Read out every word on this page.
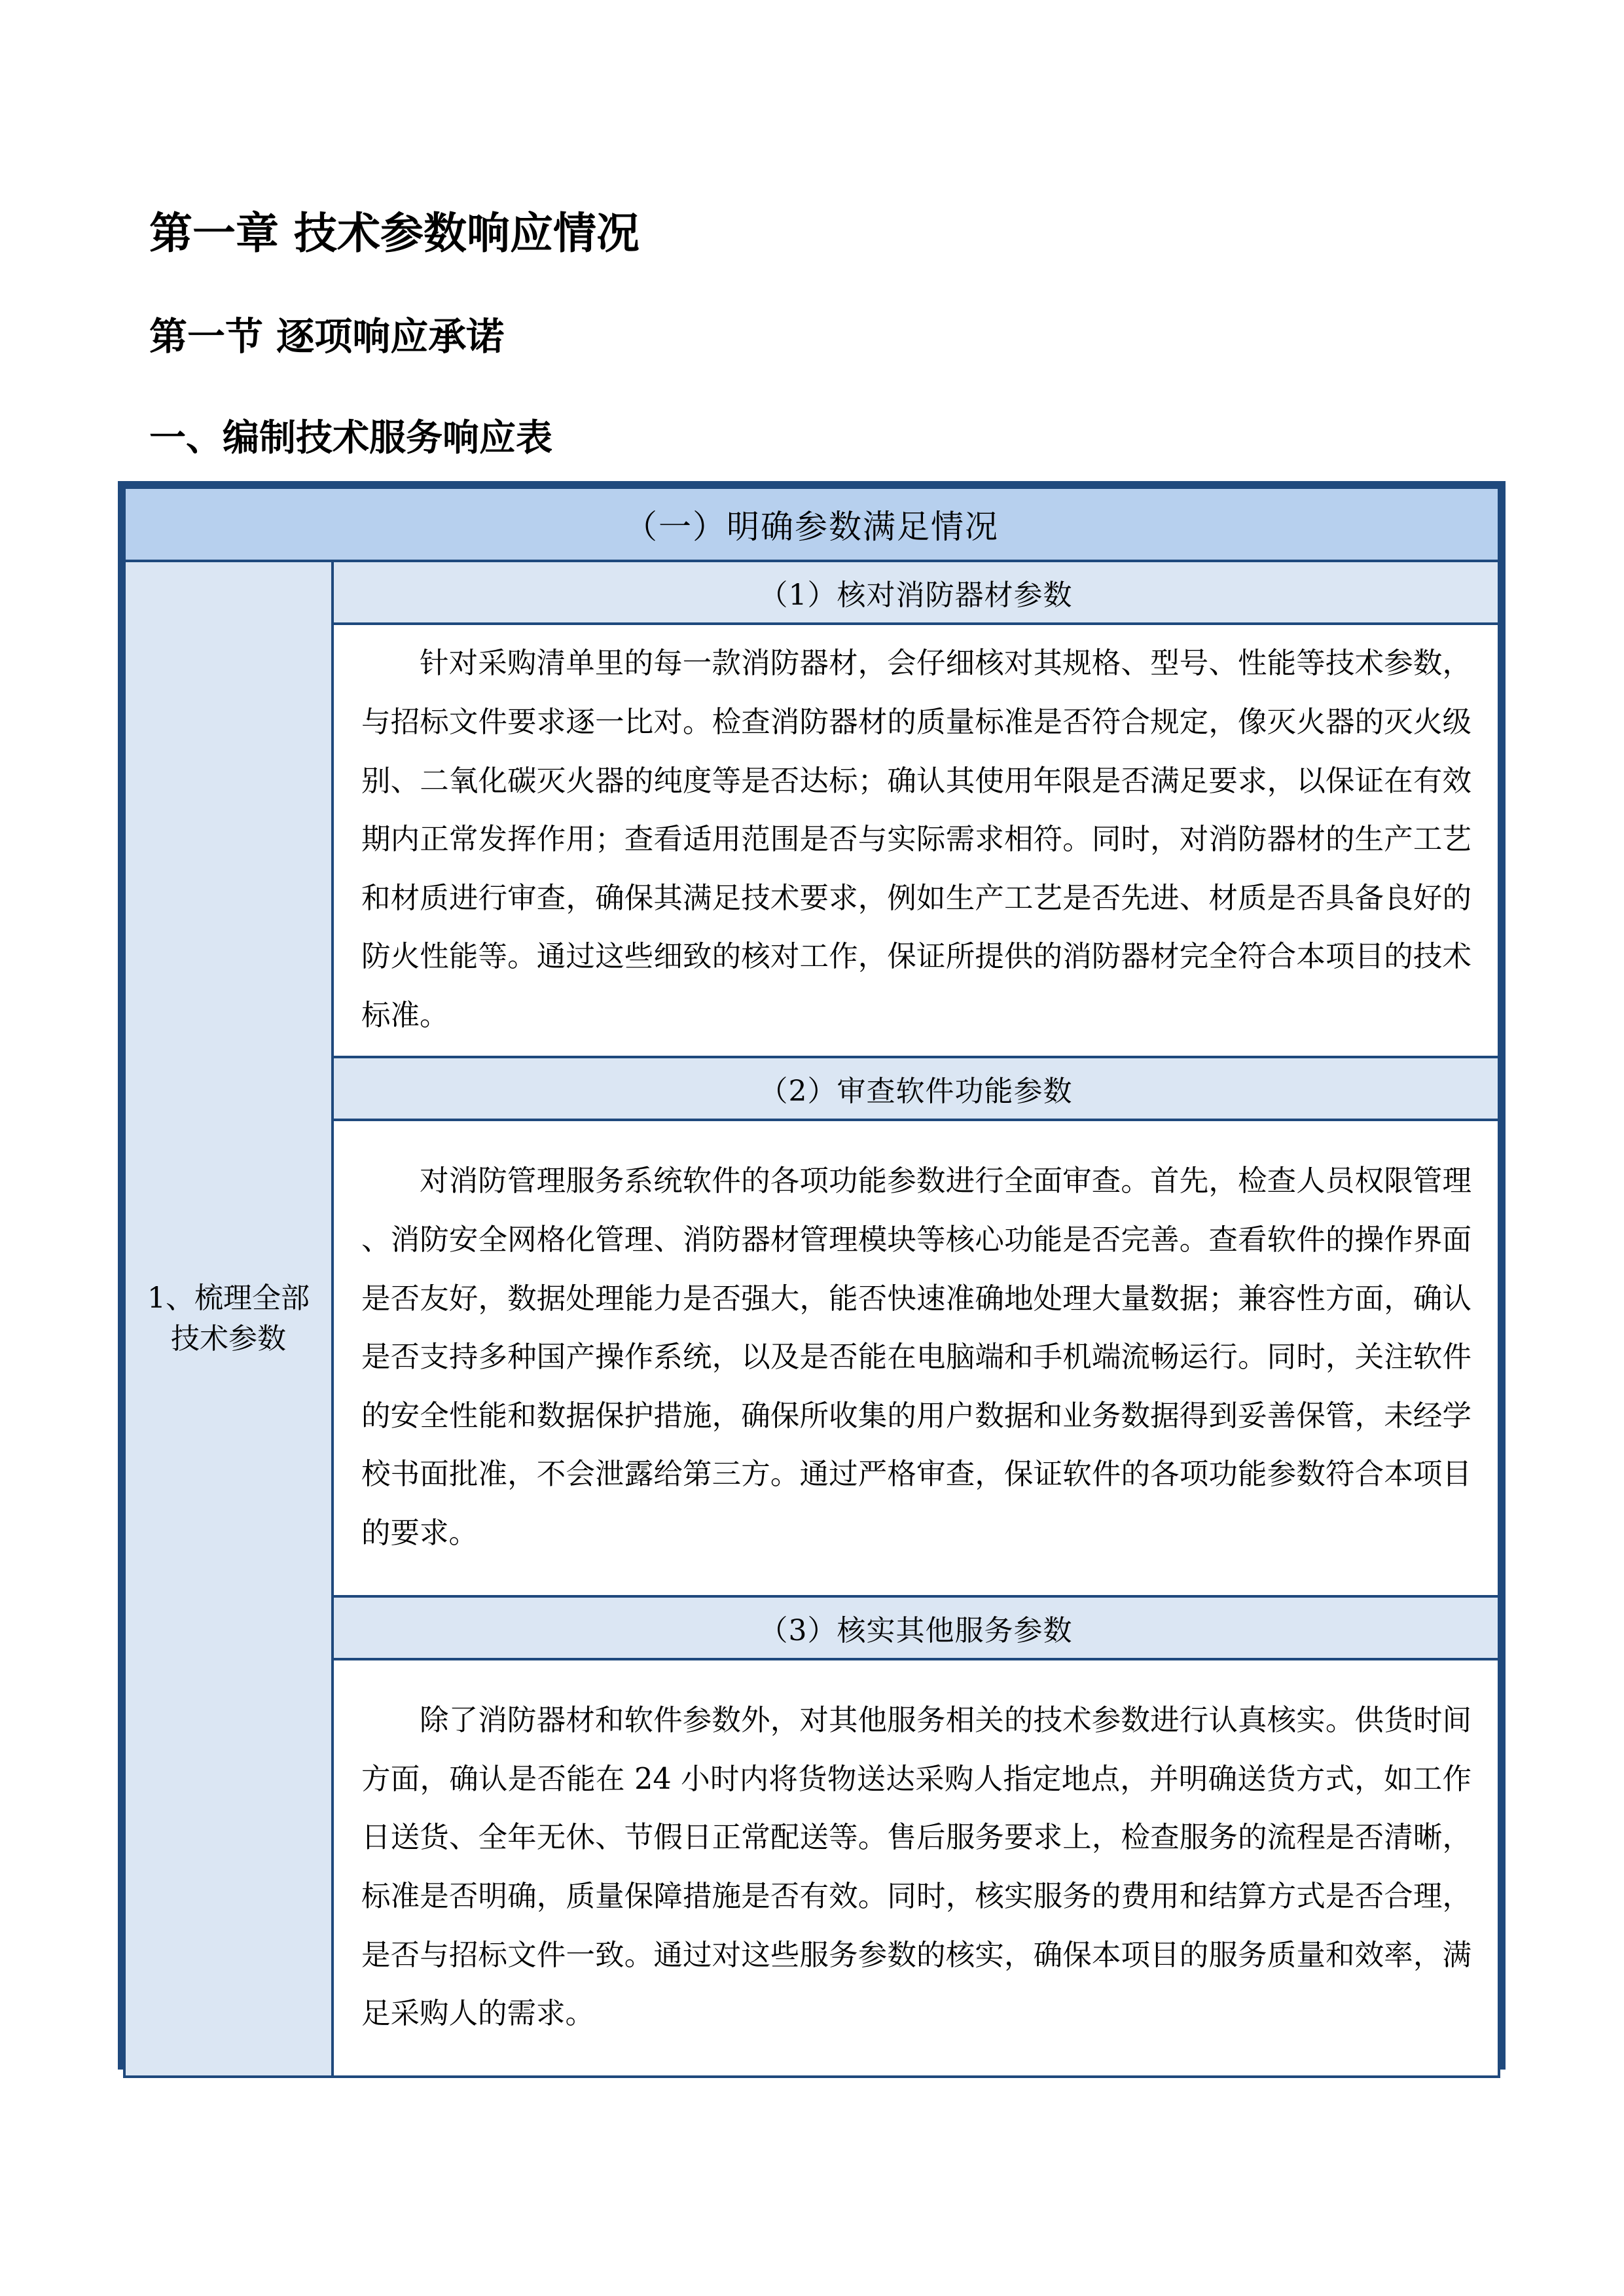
第一章 技术参数响应情况
第一节 逐项响应承诺
一、编制技术服务响应表
（一）明确参数满足情况
1、梳理全部技术参数	（1）核对消防器材参数

针对采购清单里的每一款消防器材，会仔细核对其规格、型号、性能等技术参数，与招标文件要求逐一比对。检查消防器材的质量标准是否符合规定，像灭火器的灭火级别、二氧化碳灭火器的纯度等是否达标；确认其使用年限是否满足要求，以保证在有效期内正常发挥作用；查看适用范围是否与实际需求相符。同时，对消防器材的生产工艺和材质进行审查，确保其满足技术要求，例如生产工艺是否先进、材质是否具备良好的防火性能等。通过这些细致的核对工作，保证所提供的消防器材完全符合本项目的技术标准。

（2）审查软件功能参数

对消防管理服务系统软件的各项功能参数进行全面审查。首先，检查人员权限管理、消防安全网格化管理、消防器材管理模块等核心功能是否完善。查看软件的操作界面是否友好，数据处理能力是否强大，能否快速准确地处理大量数据；兼容性方面，确认是否支持多种国产操作系统，以及是否能在电脑端和手机端流畅运行。同时，关注软件的安全性能和数据保护措施，确保所收集的用户数据和业务数据得到妥善保管，未经学校书面批准，不会泄露给第三方。通过严格审查，保证软件的各项功能参数符合本项目的要求。

（3）核实其他服务参数

除了消防器材和软件参数外，对其他服务相关的技术参数进行认真核实。供货时间方面，确认是否能在 24 小时内将货物送达采购人指定地点，并明确送货方式，如工作日送货、全年无休、节假日正常配送等。售后服务要求上，检查服务的流程是否清晰，标准是否明确，质量保障措施是否有效。同时，核实服务的费用和结算方式是否合理，是否与招标文件一致。通过对这些服务参数的核实，确保本项目的服务质量和效率，满足采购人的需求。
